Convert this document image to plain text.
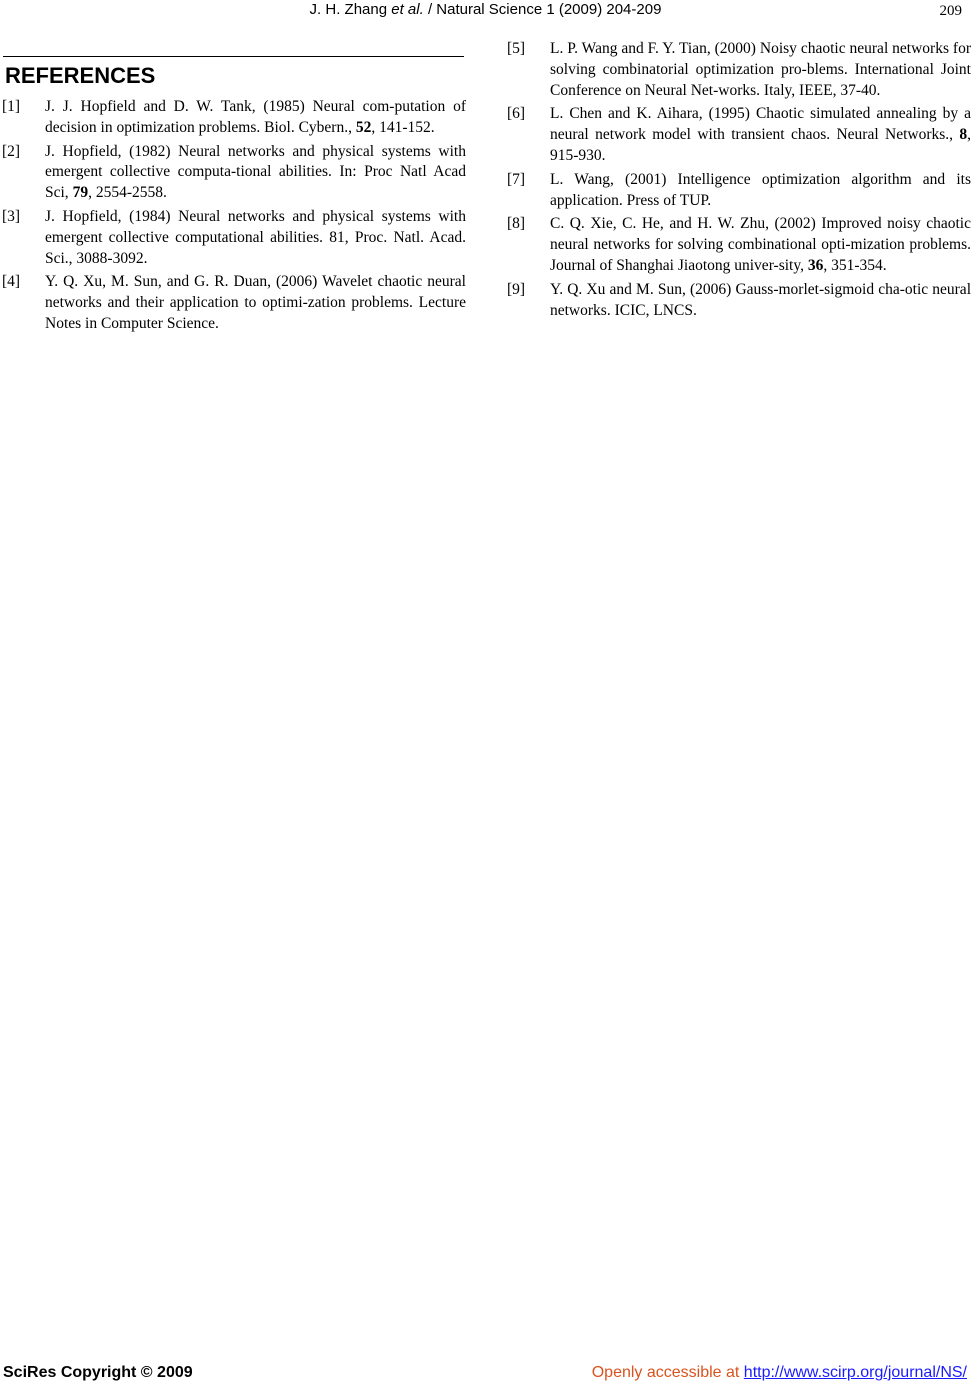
J. H. Zhang et al. / Natural Science 1 (2009) 204-209	209
REFERENCES
[1] J. J. Hopfield and D. W. Tank, (1985) Neural com-putation of decision in optimization problems. Biol. Cybern., 52, 141-152.
[2] J. Hopfield, (1982) Neural networks and physical systems with emergent collective computa-tional abilities. In: Proc Natl Acad Sci, 79, 2554-2558.
[3] J. Hopfield, (1984) Neural networks and physical systems with emergent collective computational abilities. 81, Proc. Natl. Acad. Sci., 3088-3092.
[4] Y. Q. Xu, M. Sun, and G. R. Duan, (2006) Wavelet chaotic neural networks and their application to optimi-zation problems. Lecture Notes in Computer Science.
[5] L. P. Wang and F. Y. Tian, (2000) Noisy chaotic neural networks for solving combinatorial optimization pro-blems. International Joint Conference on Neural Net-works. Italy, IEEE, 37-40.
[6] L. Chen and K. Aihara, (1995) Chaotic simulated annealing by a neural network model with transient chaos. Neural Networks., 8, 915-930.
[7] L. Wang, (2001) Intelligence optimization algorithm and its application. Press of TUP.
[8] C. Q. Xie, C. He, and H. W. Zhu, (2002) Improved noisy chaotic neural networks for solving combinational opti-mization problems. Journal of Shanghai Jiaotong univer-sity, 36, 351-354.
[9] Y. Q. Xu and M. Sun, (2006) Gauss-morlet-sigmoid cha-otic neural networks. ICIC, LNCS.
SciRes Copyright © 2009	Openly accessible at http://www.scirp.org/journal/NS/
